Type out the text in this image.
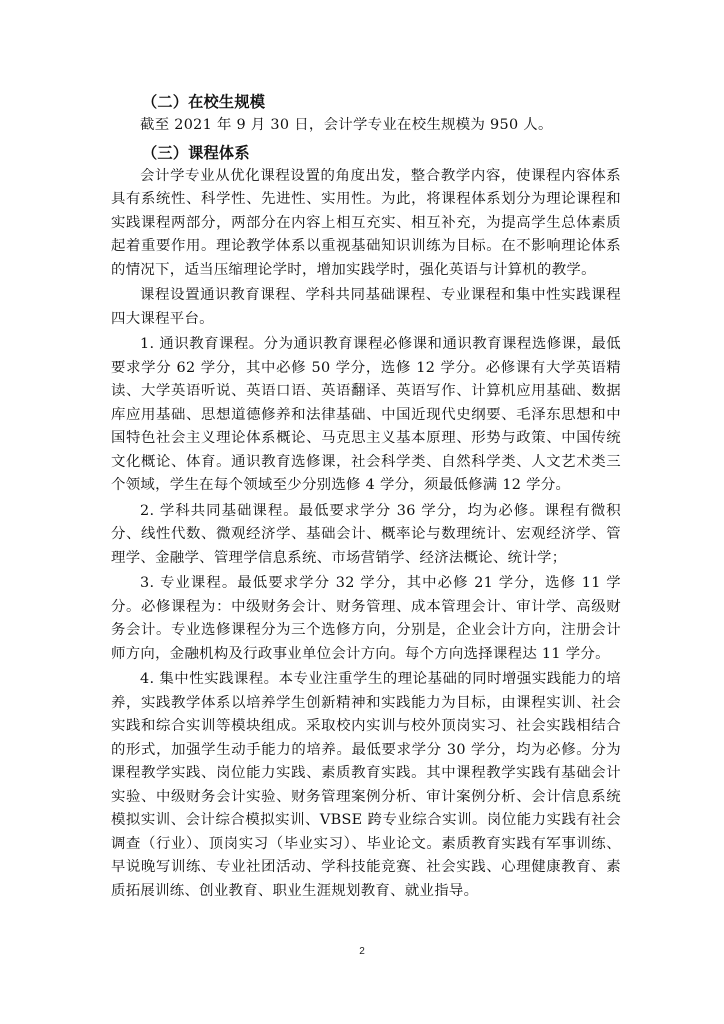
（二）在校生规模

截至 2021 年 9 月 30 日，会计学专业在校生规模为 950 人。

（三）课程体系

会计学专业从优化课程设置的角度出发，整合教学内容，使课程内容体系具有系统性、科学性、先进性、实用性。为此，将课程体系划分为理论课程和实践课程两部分，两部分在内容上相互充实、相互补充，为提高学生总体素质起着重要作用。理论教学体系以重视基础知识训练为目标。在不影响理论体系的情况下，适当压缩理论学时，增加实践学时，强化英语与计算机的教学。

课程设置通识教育课程、学科共同基础课程、专业课程和集中性实践课程四大课程平台。

1. 通识教育课程。分为通识教育课程必修课和通识教育课程选修课，最低要求学分 62 学分，其中必修 50 学分，选修 12 学分。必修课有大学英语精读、大学英语听说、英语口语、英语翻译、英语写作、计算机应用基础、数据库应用基础、思想道德修养和法律基础、中国近现代史纲要、毛泽东思想和中国特色社会主义理论体系概论、马克思主义基本原理、形势与政策、中国传统文化概论、体育。通识教育选修课，社会科学类、自然科学类、人文艺术类三个领域，学生在每个领域至少分别选修 4 学分，须最低修满 12 学分。

2. 学科共同基础课程。最低要求学分 36 学分，均为必修。课程有微积分、线性代数、微观经济学、基础会计、概率论与数理统计、宏观经济学、管理学、金融学、管理学信息系统、市场营销学、经济法概论、统计学；

3. 专业课程。最低要求学分 32 学分，其中必修 21 学分，选修 11 学分。必修课程为：中级财务会计、财务管理、成本管理会计、审计学、高级财务会计。专业选修课程分为三个选修方向，分别是，企业会计方向，注册会计师方向，金融机构及行政事业单位会计方向。每个方向选择课程达 11 学分。

4. 集中性实践课程。本专业注重学生的理论基础的同时增强实践能力的培养，实践教学体系以培养学生创新精神和实践能力为目标，由课程实训、社会实践和综合实训等模块组成。采取校内实训与校外顶岗实习、社会实践相结合的形式，加强学生动手能力的培养。最低要求学分 30 学分，均为必修。分为课程教学实践、岗位能力实践、素质教育实践。其中课程教学实践有基础会计实验、中级财务会计实验、财务管理案例分析、审计案例分析、会计信息系统模拟实训、会计综合模拟实训、VBSE 跨专业综合实训。岗位能力实践有社会调查（行业）、顶岗实习（毕业实习）、毕业论文。素质教育实践有军事训练、早说晚写训练、专业社团活动、学科技能竞赛、社会实践、心理健康教育、素质拓展训练、创业教育、职业生涯规划教育、就业指导。

2
